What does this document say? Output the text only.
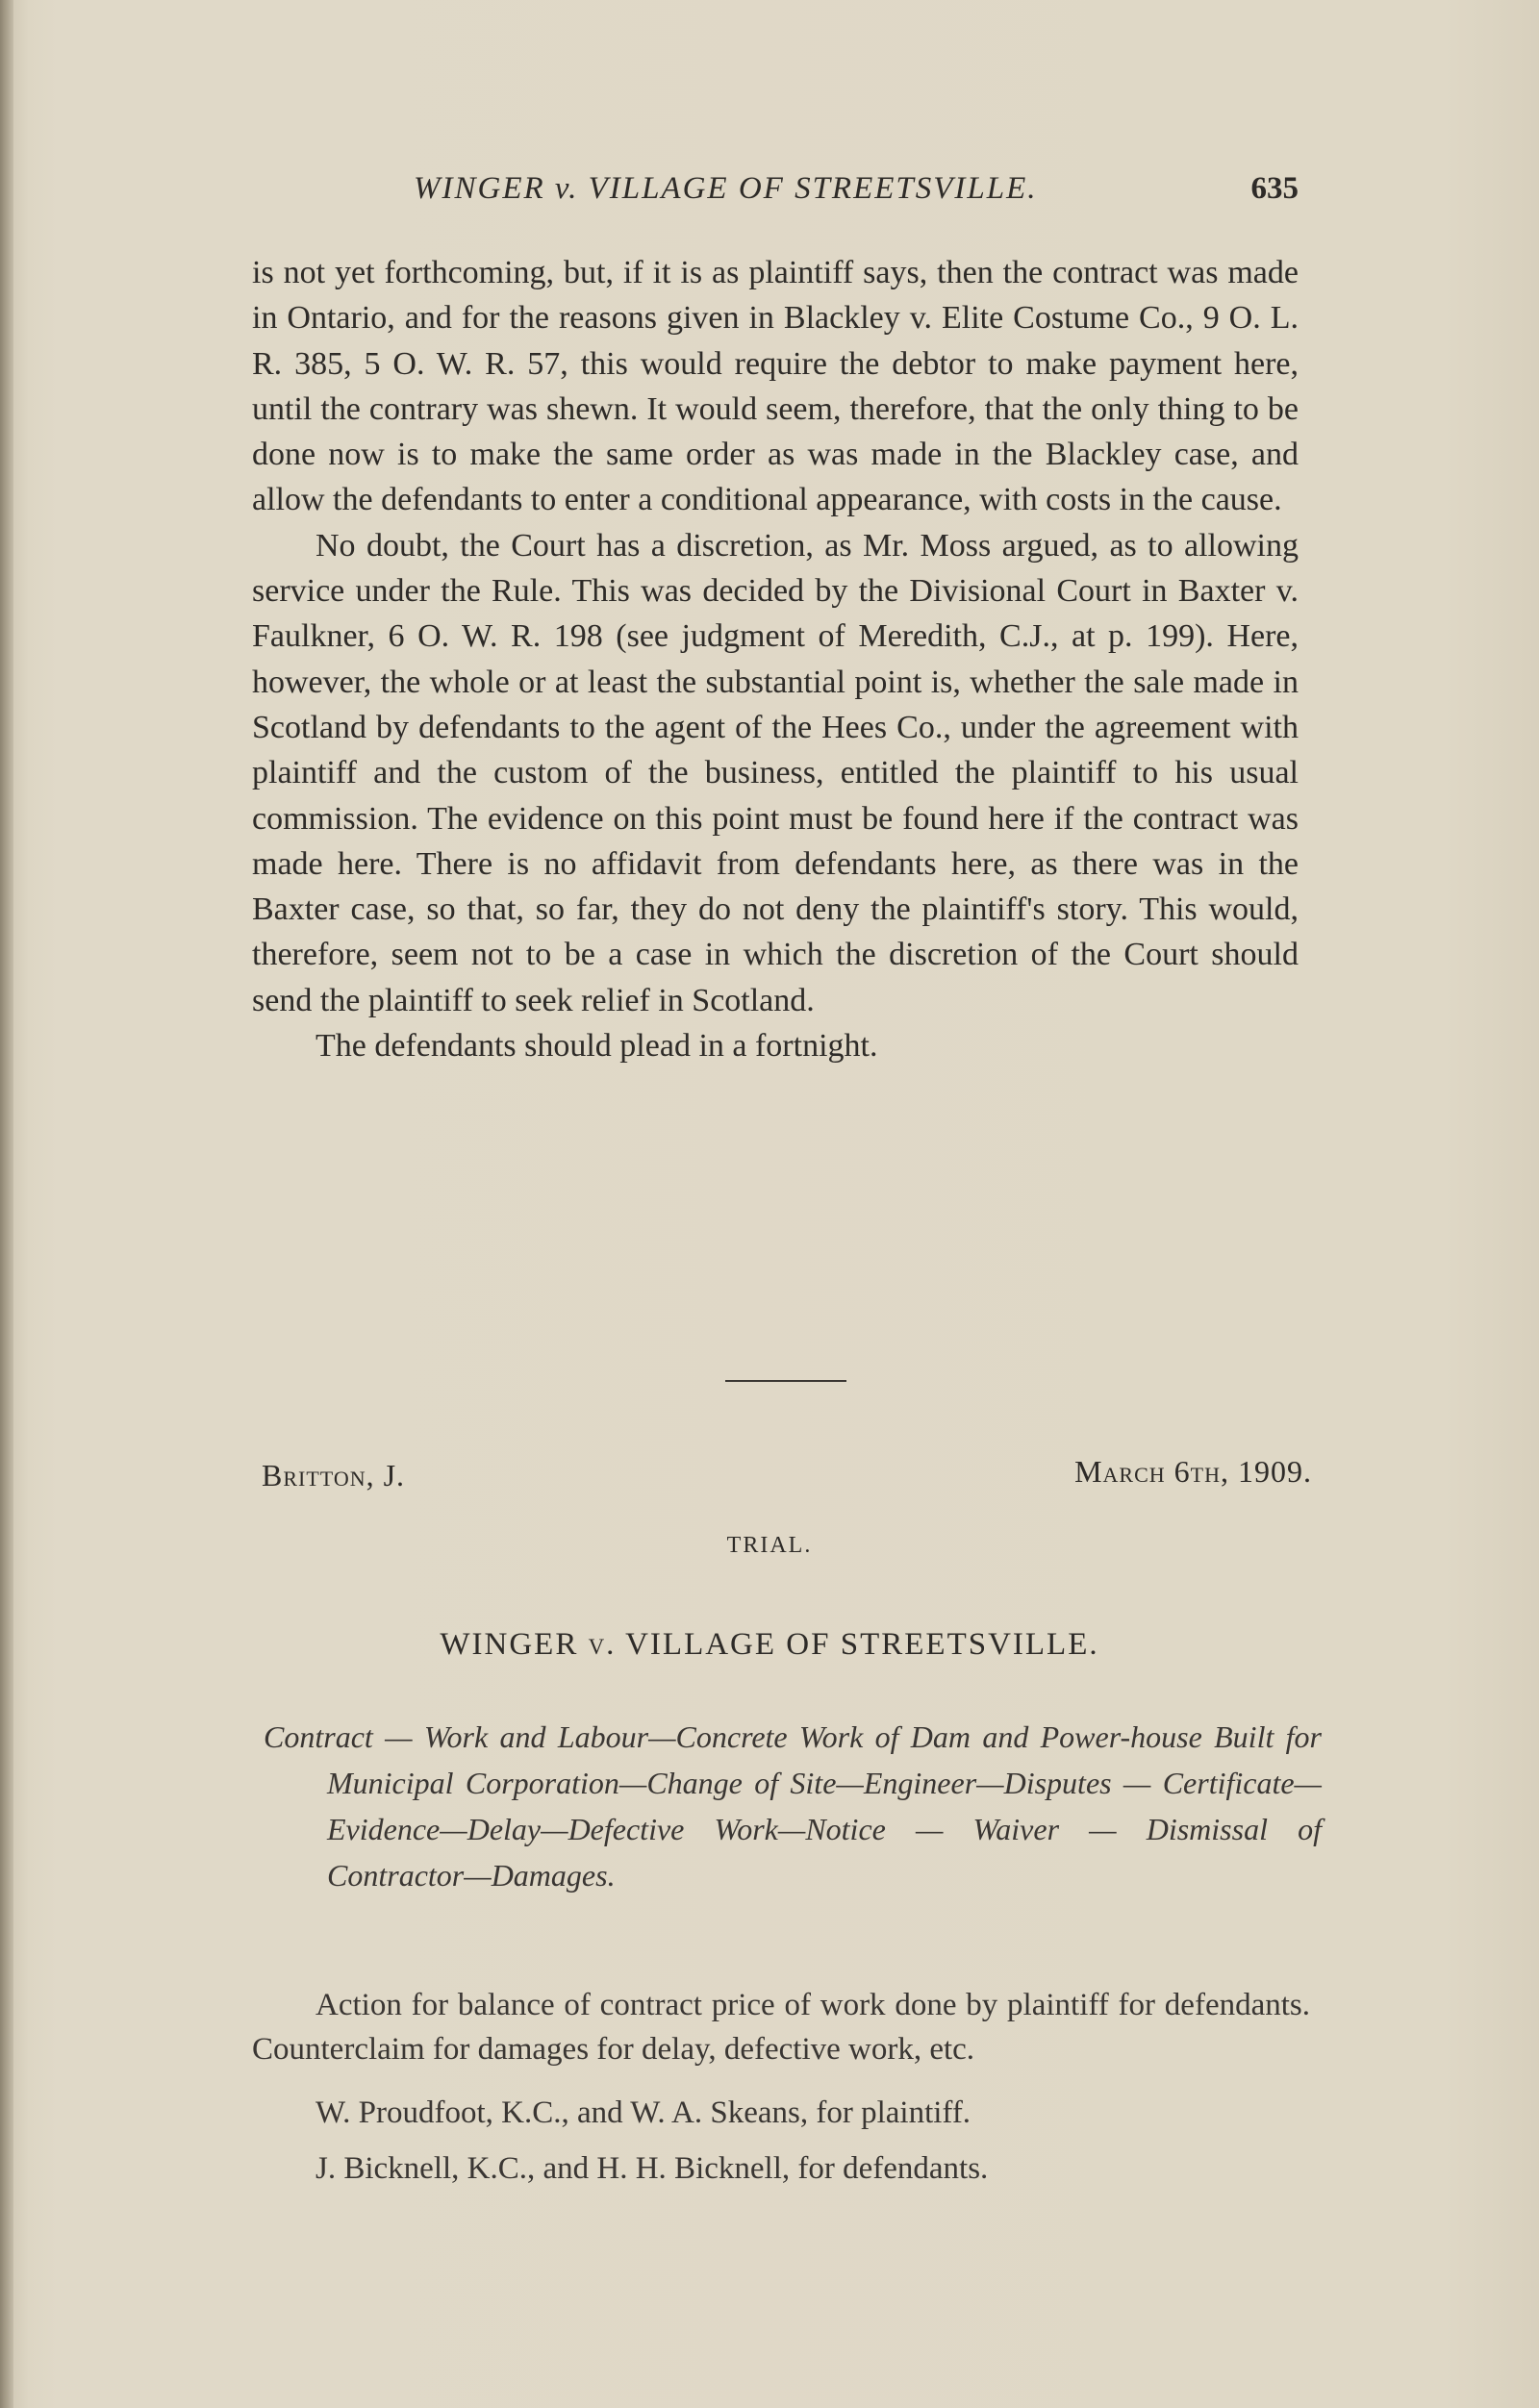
WINGER v. VILLAGE OF STREETSVILLE.	635

is not yet forthcoming, but, if it is as plaintiff says, then the contract was made in Ontario, and for the reasons given in Blackley v. Elite Costume Co., 9 O. L. R. 385, 5 O. W. R. 57, this would require the debtor to make payment here, until the contrary was shewn. It would seem, therefore, that the only thing to be done now is to make the same order as was made in the Blackley case, and allow the defendants to enter a conditional appearance, with costs in the cause.

No doubt, the Court has a discretion, as Mr. Moss argued, as to allowing service under the Rule. This was decided by the Divisional Court in Baxter v. Faulkner, 6 O. W. R. 198 (see judgment of Meredith, C.J., at p. 199). Here, however, the whole or at least the substantial point is, whether the sale made in Scotland by defendants to the agent of the Hees Co., under the agreement with plaintiff and the custom of the business, entitled the plaintiff to his usual commission. The evidence on this point must be found here if the contract was made here. There is no affidavit from defendants here, as there was in the Baxter case, so that, so far, they do not deny the plaintiff's story. This would, therefore, seem not to be a case in which the discretion of the Court should send the plaintiff to seek relief in Scotland.

The defendants should plead in a fortnight.

Britton, J.	March 6th, 1909.
TRIAL.
WINGER v. VILLAGE OF STREETSVILLE.
Contract — Work and Labour—Concrete Work of Dam and Power-house Built for Municipal Corporation—Change of Site—Engineer—Disputes — Certificate—Evidence—Delay—Defective Work—Notice — Waiver — Dismissal of Contractor—Damages.

Action for balance of contract price of work done by plaintiff for defendants. Counterclaim for damages for delay, defective work, etc.

W. Proudfoot, K.C., and W. A. Skeans, for plaintiff.

J. Bicknell, K.C., and H. H. Bicknell, for defendants.
